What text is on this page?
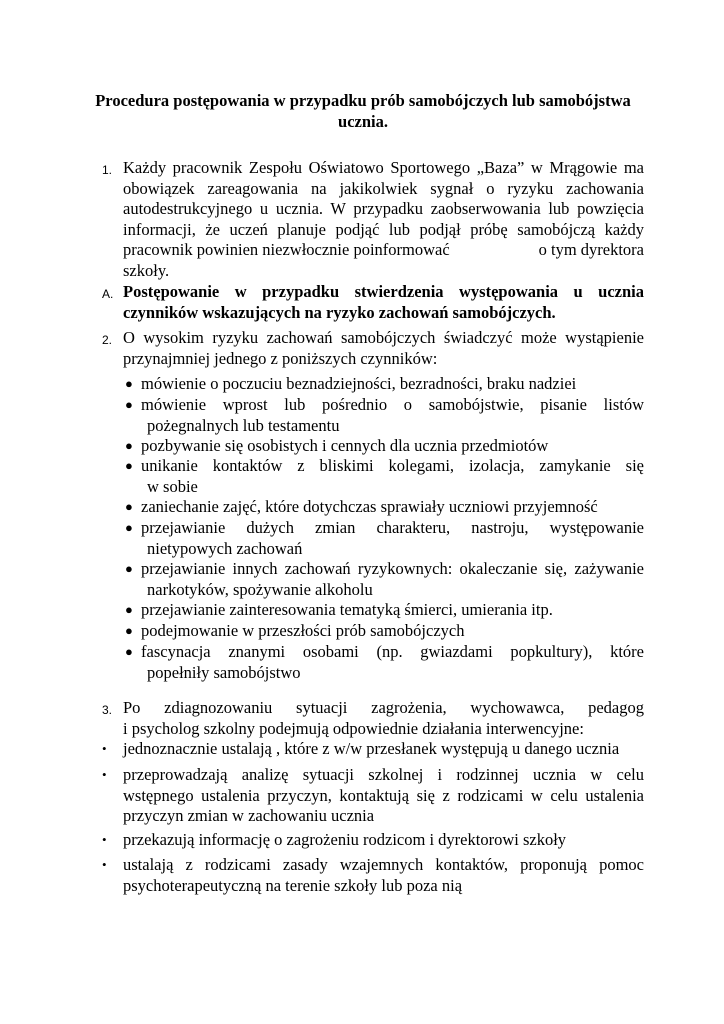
Procedura postępowania w przypadku prób samobójczych lub samobójstwa
ucznia.
1. Każdy pracownik Zespołu Oświatowo Sportowego „Baza” w Mrągowie ma
obowiązek zareagowania na jakikolwiek sygnał o ryzyku zachowania
autodestrukcyjnego u ucznia. W przypadku zaobserwowania lub powzięcia
informacji, że uczeń planuje podjąć lub podjął próbę samobójczą każdy
pracownik powinien niezwłocznie poinformować	o tym dyrektora
szkoły.
A. Postępowanie w przypadku stwierdzenia występowania u ucznia
czynników wskazujących na ryzyko zachowań samobójczych.
2. O wysokim ryzyku zachowań samobójczych świadczyć może wystąpienie
przynajmniej jednego z poniższych czynników:
● mówienie o poczuciu beznadziejności, bezradności, braku nadziei
● mówienie wprost lub pośrednio o samobójstwie, pisanie listów
pożegnalnych lub testamentu
● pozbywanie się osobistych i cennych dla ucznia przedmiotów
● unikanie kontaktów z bliskimi kolegami, izolacja, zamykanie się
w sobie
● zaniechanie zajęć, które dotychczas sprawiały uczniowi przyjemność
● przejawianie dużych zmian charakteru, nastroju, występowanie
nietypowych zachowań
● przejawianie innych zachowań ryzykownych: okaleczanie się, zażywanie
narkotyków, spożywanie alkoholu
● przejawianie zainteresowania tematyką śmierci, umierania itp.
● podejmowanie w przeszłości prób samobójczych
● fascynacja znanymi osobami (np. gwiazdami popkultury), które
popełniły samobójstwo
3. Po zdiagnozowaniu sytuacji zagrożenia, wychowawca, pedagog
i psycholog szkolny podejmują odpowiednie działania interwencyjne:
• jednoznacznie ustalają , które z w/w przesłanek występują u danego ucznia
• przeprowadzają analizę sytuacji szkolnej i rodzinnej ucznia w celu
wstępnego ustalenia przyczyn, kontaktują się z rodzicami w celu ustalenia
przyczyn zmian w zachowaniu ucznia
• przekazują informację o zagrożeniu rodzicom i dyrektorowi szkoły
• ustalają z rodzicami zasady wzajemnych kontaktów, proponują pomoc
psychoterapeutyczną na terenie szkoły lub poza nią
